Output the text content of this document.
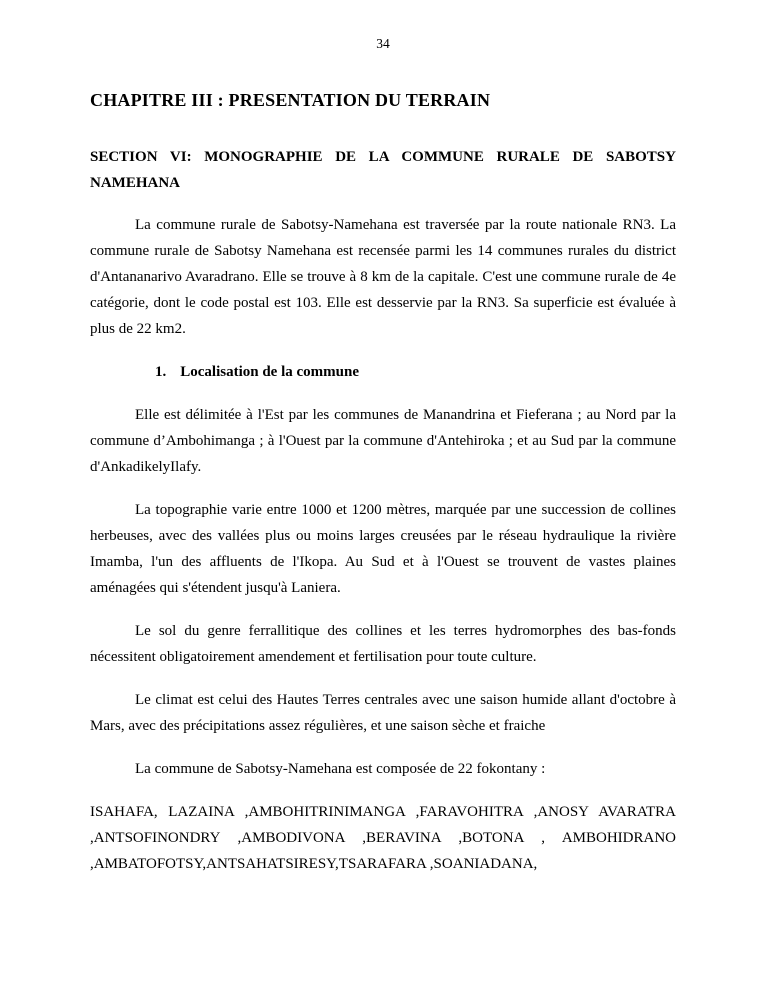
34
CHAPITRE III : PRESENTATION DU TERRAIN
SECTION VI: MONOGRAPHIE DE LA COMMUNE RURALE DE SABOTSY NAMEHANA

La commune rurale de Sabotsy-Namehana est traversée par la route nationale RN3. La commune rurale de Sabotsy Namehana est recensée parmi les 14 communes rurales du district d'Antananarivo Avaradrano. Elle se trouve à 8 km de la capitale. C'est une commune rurale de 4e catégorie, dont le code postal est 103. Elle est desservie par la RN3. Sa superficie est évaluée à plus de 22 km2.

1. Localisation de la commune

Elle est délimitée à l'Est par les communes de Manandrina et Fieferana ; au Nord par la commune d’Ambohimanga ; à l'Ouest par la commune d'Antehiroka ; et au Sud par la commune d'AnkadikelyIlafy.

La topographie varie entre 1000 et 1200 mètres, marquée par une succession de collines herbeuses, avec des vallées plus ou moins larges creusées par le réseau hydraulique la rivière Imamba, l'un des affluents de l'Ikopa. Au Sud et à l'Ouest se trouvent de vastes plaines aménagées qui s'étendent jusqu'à Laniera.

Le sol du genre ferrallitique des collines et les terres hydromorphes des bas-fonds nécessitent obligatoirement amendement et fertilisation pour toute culture.

Le climat est celui des Hautes Terres centrales avec une saison humide allant d'octobre à Mars, avec des précipitations assez régulières, et une saison sèche et fraiche

La commune de Sabotsy-Namehana est composée de 22 fokontany :

ISAHAFA, LAZAINA ,AMBOHITRINIMANGA ,FARAVOHITRA ,ANOSY AVARATRA ,ANTSOFINONDRY ,AMBODIVONA ,BERAVINA ,BOTONA , AMBOHIDRANO ,AMBATOFOTSY,ANTSAHATSIRESY,TSARAFARA ,SOANIADANA,
